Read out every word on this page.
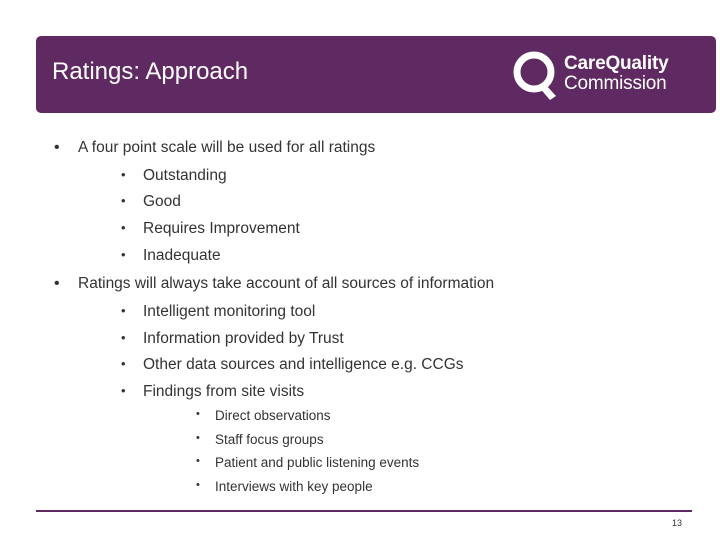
Ratings: Approach	CareQuality
Commission
• A four point scale will be used for all ratings
• Outstanding
• Good
• Requires Improvement
• Inadequate
• Ratings will always take account of all sources of information
• Intelligent monitoring tool
• Information provided by Trust
• Other data sources and intelligence e.g. CCGs
• Findings from site visits
• Direct observations
• Staff focus groups
• Patient and public listening events
• Interviews with key people
13
